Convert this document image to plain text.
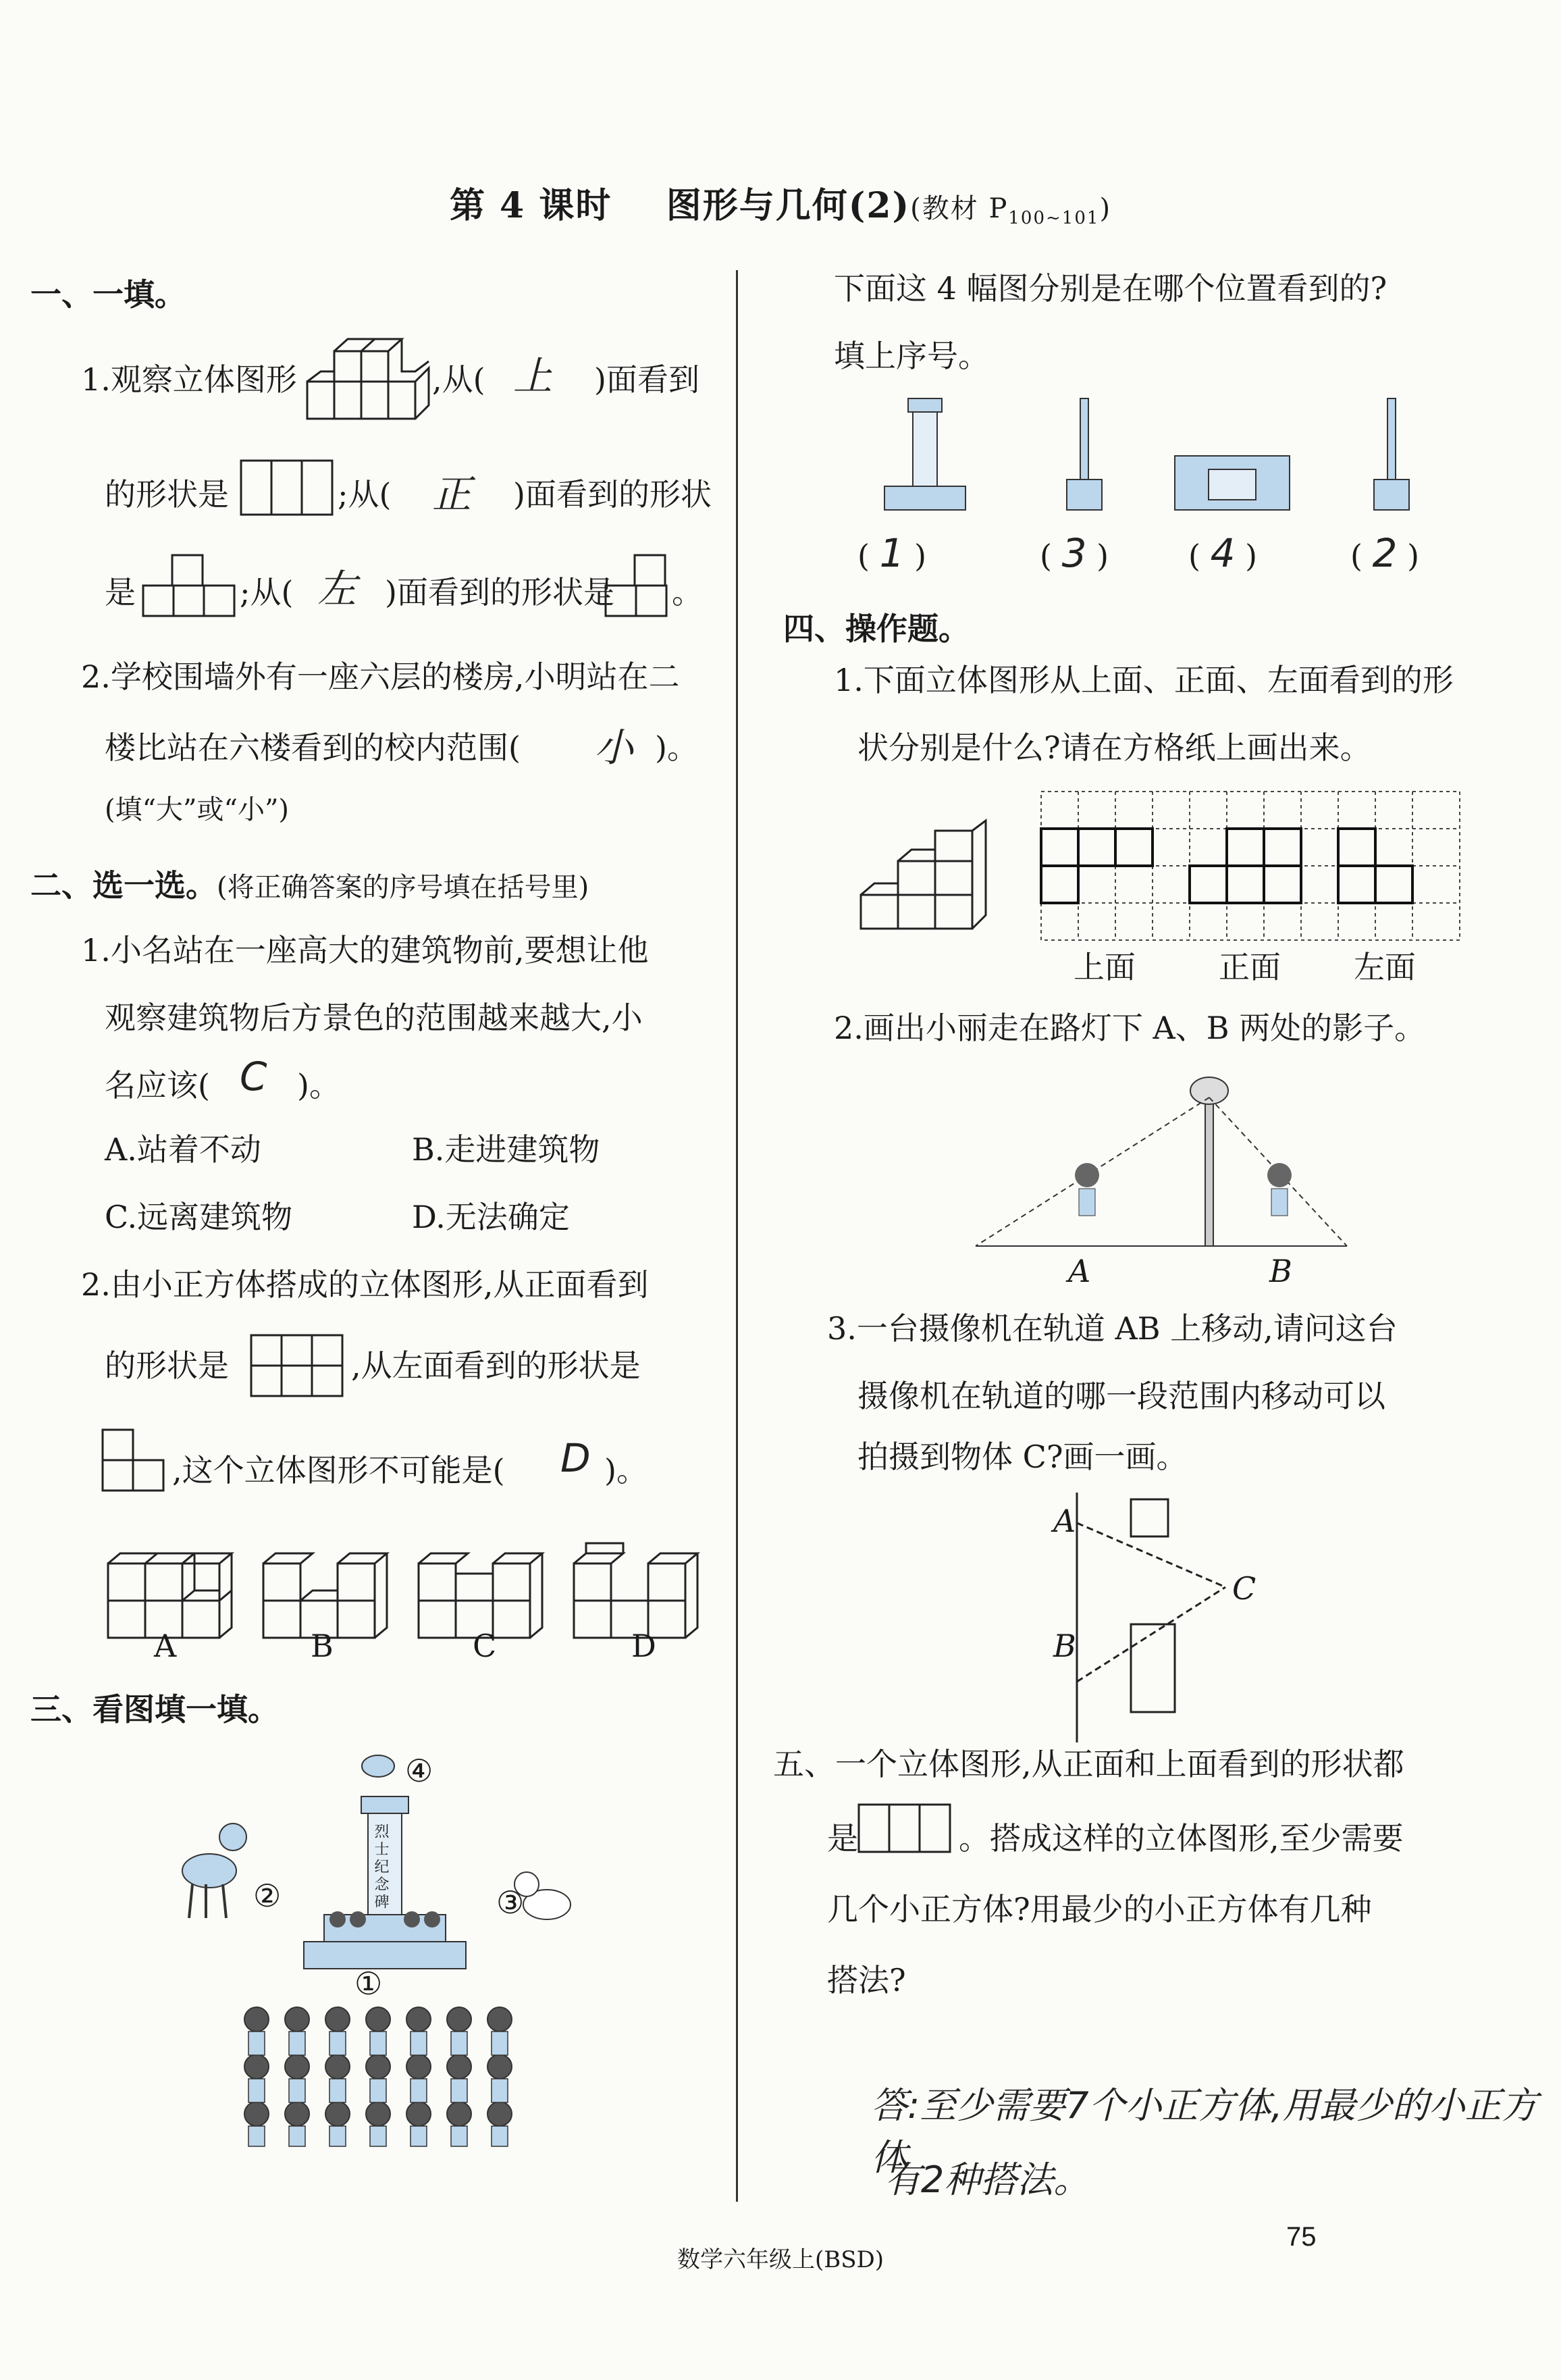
第 4 课时 图形与几何(2)(教材 $P_{100\sim 101}$)
一、一填。
1.观察立体图形	,从( 上 )面看到
的形状是	;从( 正 )面看到的形状
是	;从( 左 )面看到的形状是 。
2.学校围墙外有一座六层的楼房,小明站在二
楼比站在六楼看到的校内范围( 小 )。
(填“大”或“小”)
二、选一选。(将正确答案的序号填在括号里)
1.小名站在一座高大的建筑物前,要想让他
观察建筑物后方景色的范围越来越大,小
名应该( C )。
A.站着不动	B.走进建筑物
C.远离建筑物	D.无法确定
2.由小正方体搭成的立体图形,从正面看到
的形状是	,从左面看到的形状是
,这个立体图形不可能是( D )。
A	B	C	D
三、看图填一填。
烈士纪念碑
①
②	③
④
下面这 4 幅图分别是在哪个位置看到的?
填上序号。
( 1 )	( 3 )	( 4 )	( 2 )
四、操作题。
1.下面立体图形从上面、正面、左面看到的形
状分别是什么?请在方格纸上画出来。
上面	正面 左面
2.画出小丽走在路灯下 A、B 两处的影子。
A	B
3.一台摄像机在轨道 AB 上移动,请问这台
摄像机在轨道的哪一段范围内移动可以
拍摄到物体 C?画一画。
A
B
C
五、一个立体图形,从正面和上面看到的形状都
是	。搭成这样的立体图形,至少需要
几个小正方体?用最少的小正方体有几种
搭法?
答:至少需要7个小正方体,用最少的小正方体
有2种搭法。
数学六年级上(BSD)
75
